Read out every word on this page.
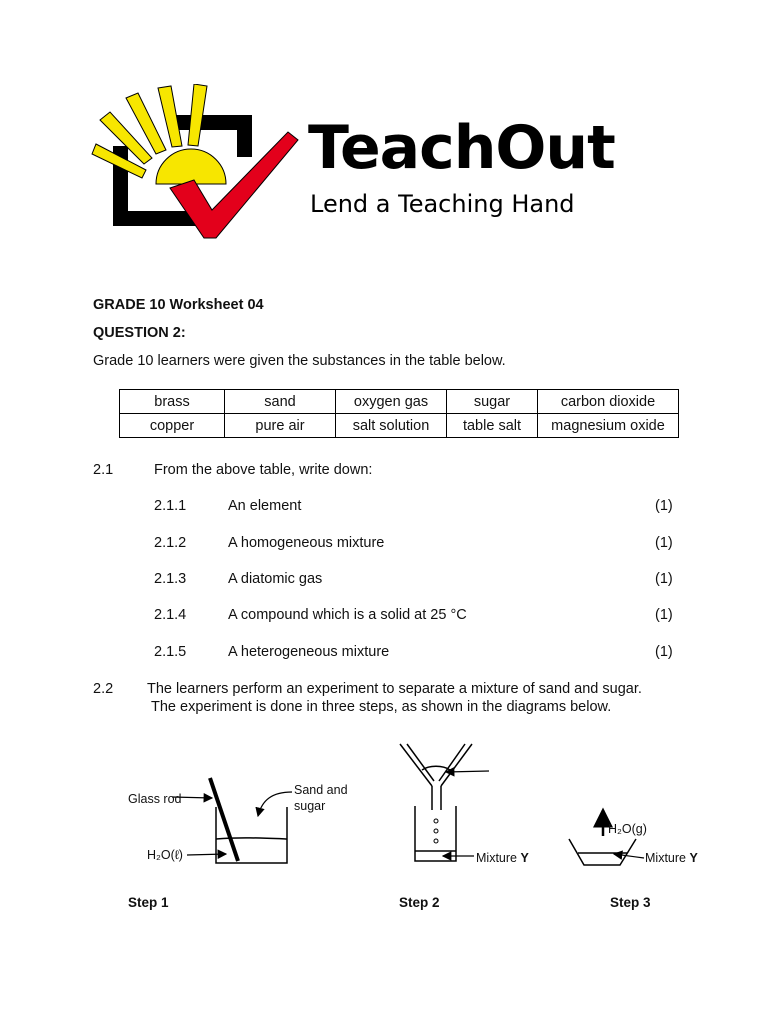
TeachOut
Lend a Teaching Hand
GRADE 10 Worksheet 04
QUESTION 2:
Grade 10 learners were given the substances in the table below.
brass	sand	oxygen gas	sugar	carbon dioxide
copper	pure air	salt solution	table salt	magnesium oxide
2.1	From the above table, write down:
2.1.1	An element	(1)
2.1.2	A homogeneous mixture	(1)
2.1.3	A diatomic gas	(1)
2.1.4	A compound which is a solid at 25 °C	(1)
2.1.5	A heterogeneous mixture	(1)
2.2 The learners perform an experiment to separate a mixture of sand and sugar.
The experiment is done in three steps, as shown in the diagrams below.
Glass rod
Sand and
sugar
H₂O(ℓ)	Mixture Y
H₂O(g)
Mixture Y
Step 1	Step 2	Step 3
